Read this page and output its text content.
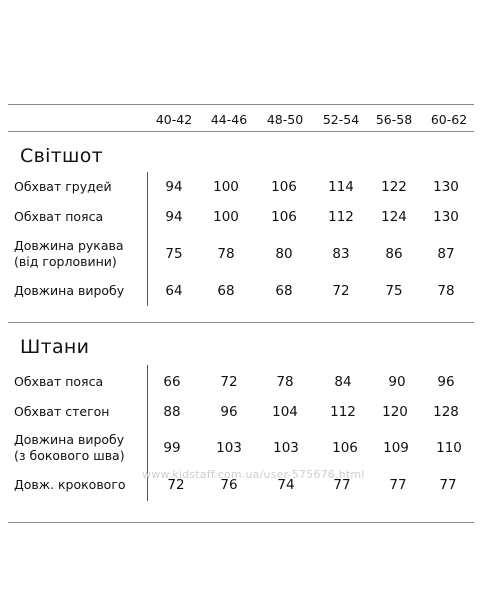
40-42 44-46 48-50 52-54 56-58 60-62
Світшот
Обхват грудей	94 100 106 114 122 130
Обхват поясa	94 100 106 112 124 130
Довжина рукава
(від горловини)	75	78	80	83	86	87
Довжина виробу	64	68	68	72	75	78
Штани
Обхват поясa	66	72	78	84	90 96
Обхват стегон	88	96	104 112 120 128
Довжина виробу
(з бокового шва)	99	103 103 106 109 110
Довж. крокового	72	76	74	77	77 77
www.kidstaff.com.ua/user-575676.html
